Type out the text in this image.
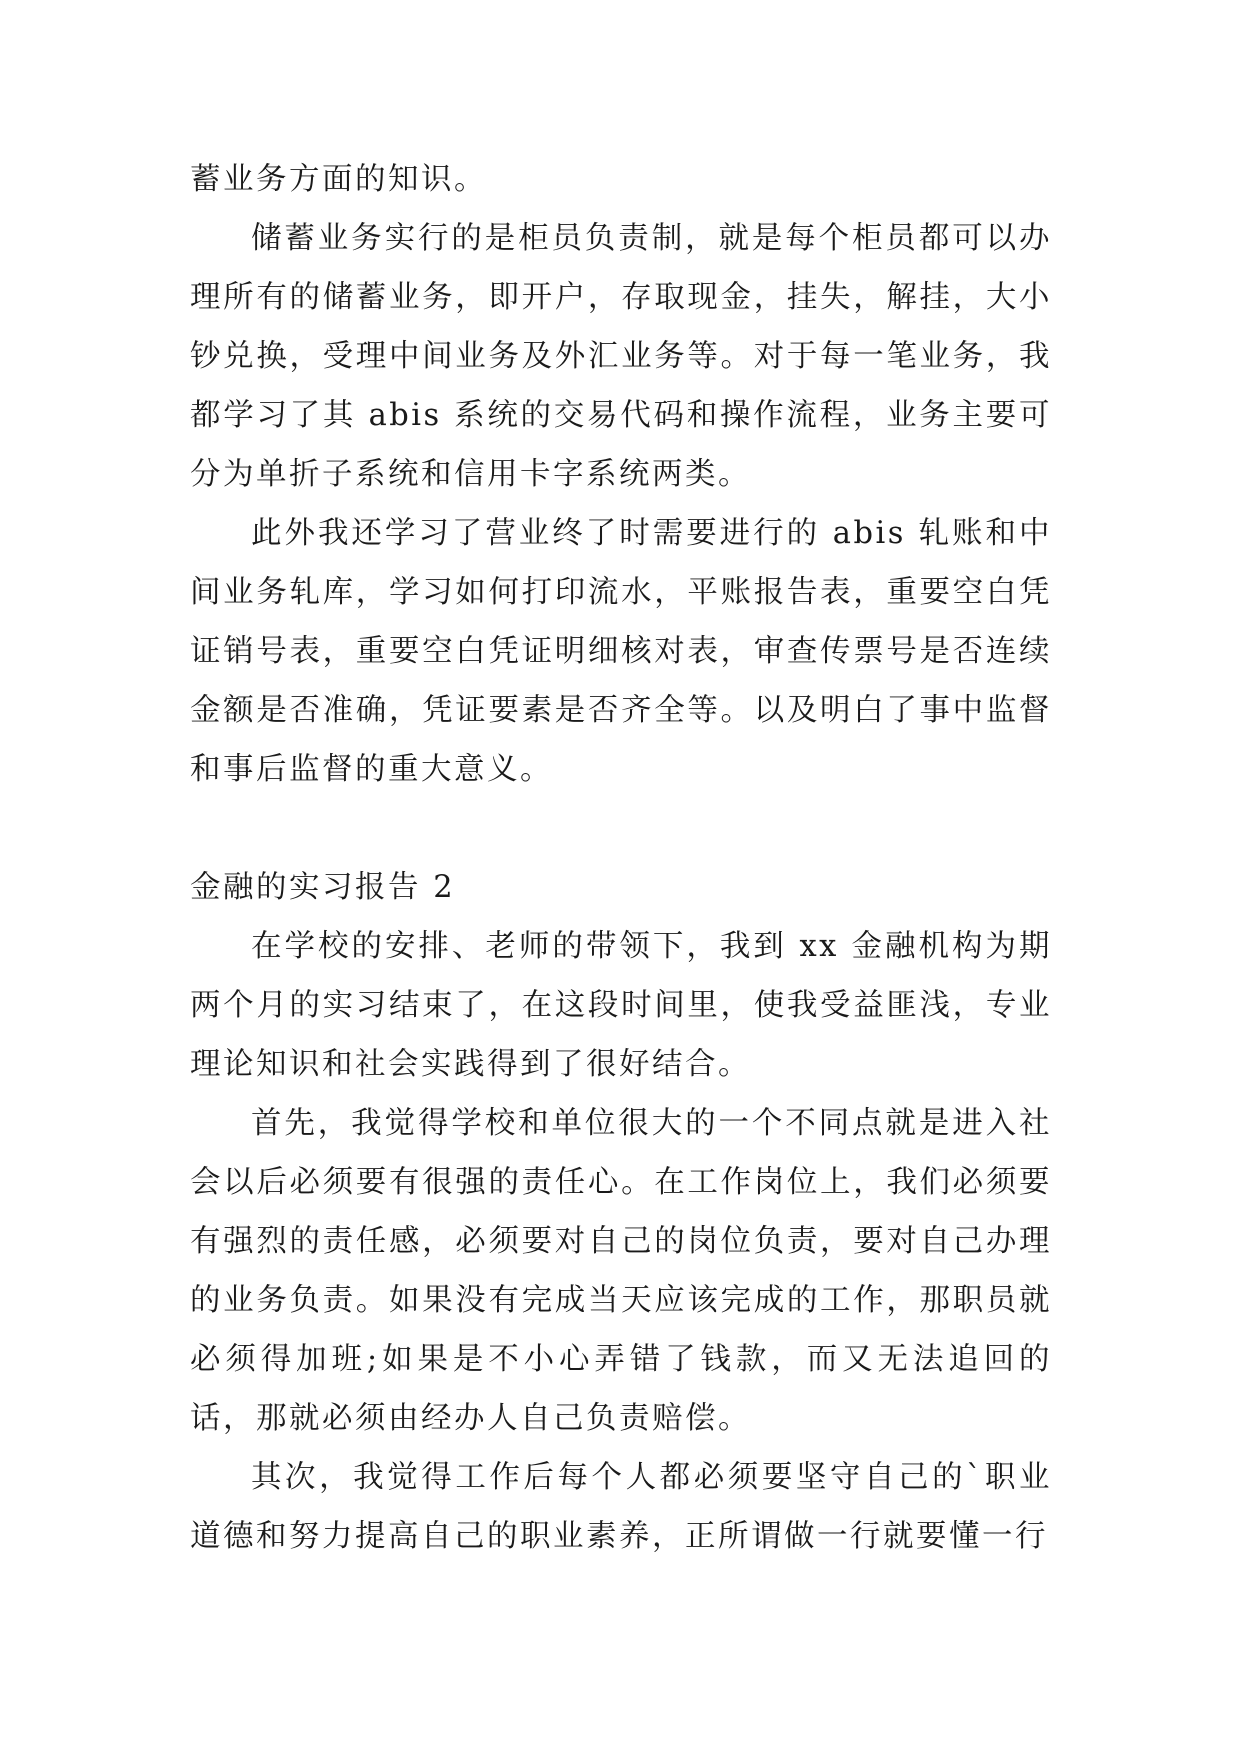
蓄业务方面的知识。

储蓄业务实行的是柜员负责制，就是每个柜员都可以办理所有的储蓄业务，即开户，存取现金，挂失，解挂，大小钞兑换，受理中间业务及外汇业务等。对于每一笔业务，我都学习了其 abis 系统的交易代码和操作流程，业务主要可分为单折子系统和信用卡字系统两类。

此外我还学习了营业终了时需要进行的 abis 轧账和中间业务轧库，学习如何打印流水，平账报告表，重要空白凭证销号表，重要空白凭证明细核对表，审查传票号是否连续金额是否准确，凭证要素是否齐全等。以及明白了事中监督和事后监督的重大意义。

金融的实习报告 2

在学校的安排、老师的带领下，我到 xx 金融机构为期两个月的实习结束了，在这段时间里，使我受益匪浅，专业理论知识和社会实践得到了很好结合。

首先，我觉得学校和单位很大的一个不同点就是进入社会以后必须要有很强的责任心。在工作岗位上，我们必须要有强烈的责任感，必须要对自己的岗位负责，要对自己办理的业务负责。如果没有完成当天应该完成的工作，那职员就必须得加班;如果是不小心弄错了钱款，而又无法追回的话，那就必须由经办人自己负责赔偿。

其次，我觉得工作后每个人都必须要坚守自己的`职业道德和努力提高自己的职业素养，正所谓做一行就要懂一行
